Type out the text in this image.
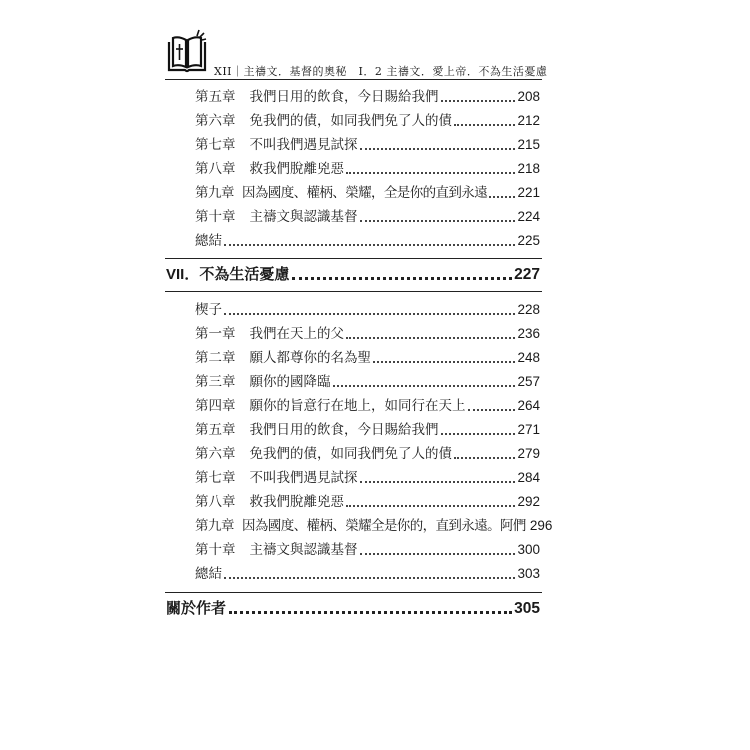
XII｜主禱文．基督的奧秘　I．2 主禱文．愛上帝．不為生活憂慮
第五章 我們日用的飲食，今日賜給我們	208
第六章 免我們的債，如同我們免了人的債	212
第七章 不叫我們遇見試探	215
第八章 救我們脫離兇惡	218
第九章 因為國度、權柄、榮耀，全是你的直到永遠 221
第十章 主禱文與認識基督	224
總結	225
VII．不為生活憂慮	227
楔子	228
第一章 我們在天上的父	236
第二章 願人都尊你的名為聖	248
第三章 願你的國降臨	257
第四章 願你的旨意行在地上，如同行在天上	264
第五章 我們日用的飲食，今日賜給我們	271
第六章 免我們的債，如同我們免了人的債	279
第七章 不叫我們遇見試探	284
第八章 救我們脫離兇惡	292
第九章 因為國度、權柄、榮耀全是你的，直到永遠。阿們 296
第十章 主禱文與認識基督	300
總結	303
關於作者	305
